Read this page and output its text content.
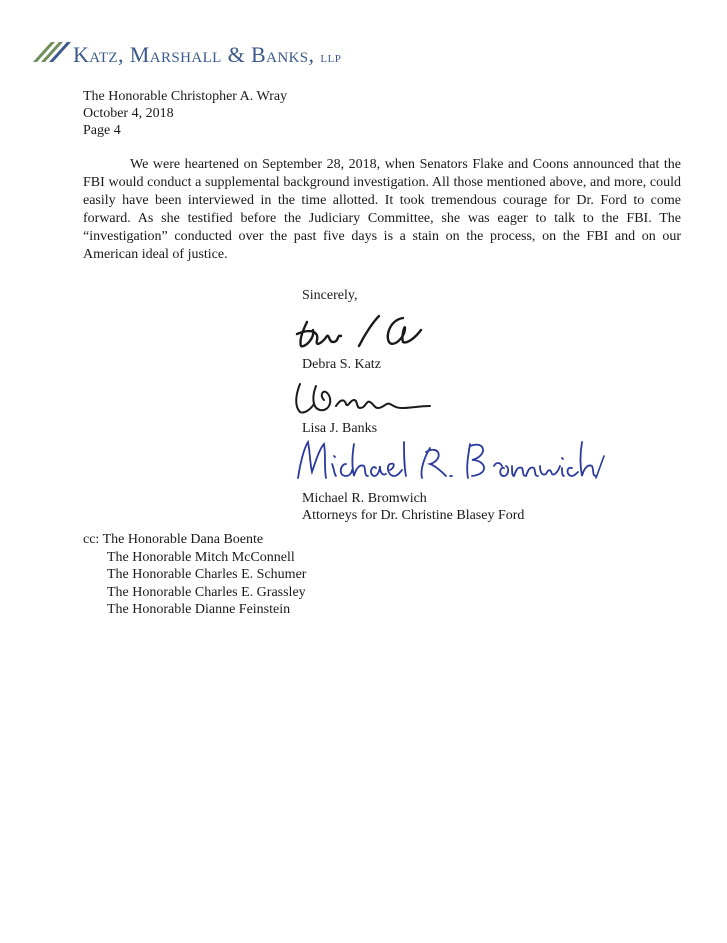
Katz, Marshall & Banks, LLP
The Honorable Christopher A. Wray
October 4, 2018
Page 4
We were heartened on September 28, 2018, when Senators Flake and Coons announced that the FBI would conduct a supplemental background investigation. All those mentioned above, and more, could easily have been interviewed in the time allotted. It took tremendous courage for Dr. Ford to come forward. As she testified before the Judiciary Committee, she was eager to talk to the FBI. The “investigation” conducted over the past five days is a stain on the process, on the FBI and on our American ideal of justice.
Sincerely,
Debra S. Katz
Lisa J. Banks
Michael R. Bromwich
Attorneys for Dr. Christine Blasey Ford
cc: The Honorable Dana Boente
The Honorable Mitch McConnell
The Honorable Charles E. Schumer
The Honorable Charles E. Grassley
The Honorable Dianne Feinstein
